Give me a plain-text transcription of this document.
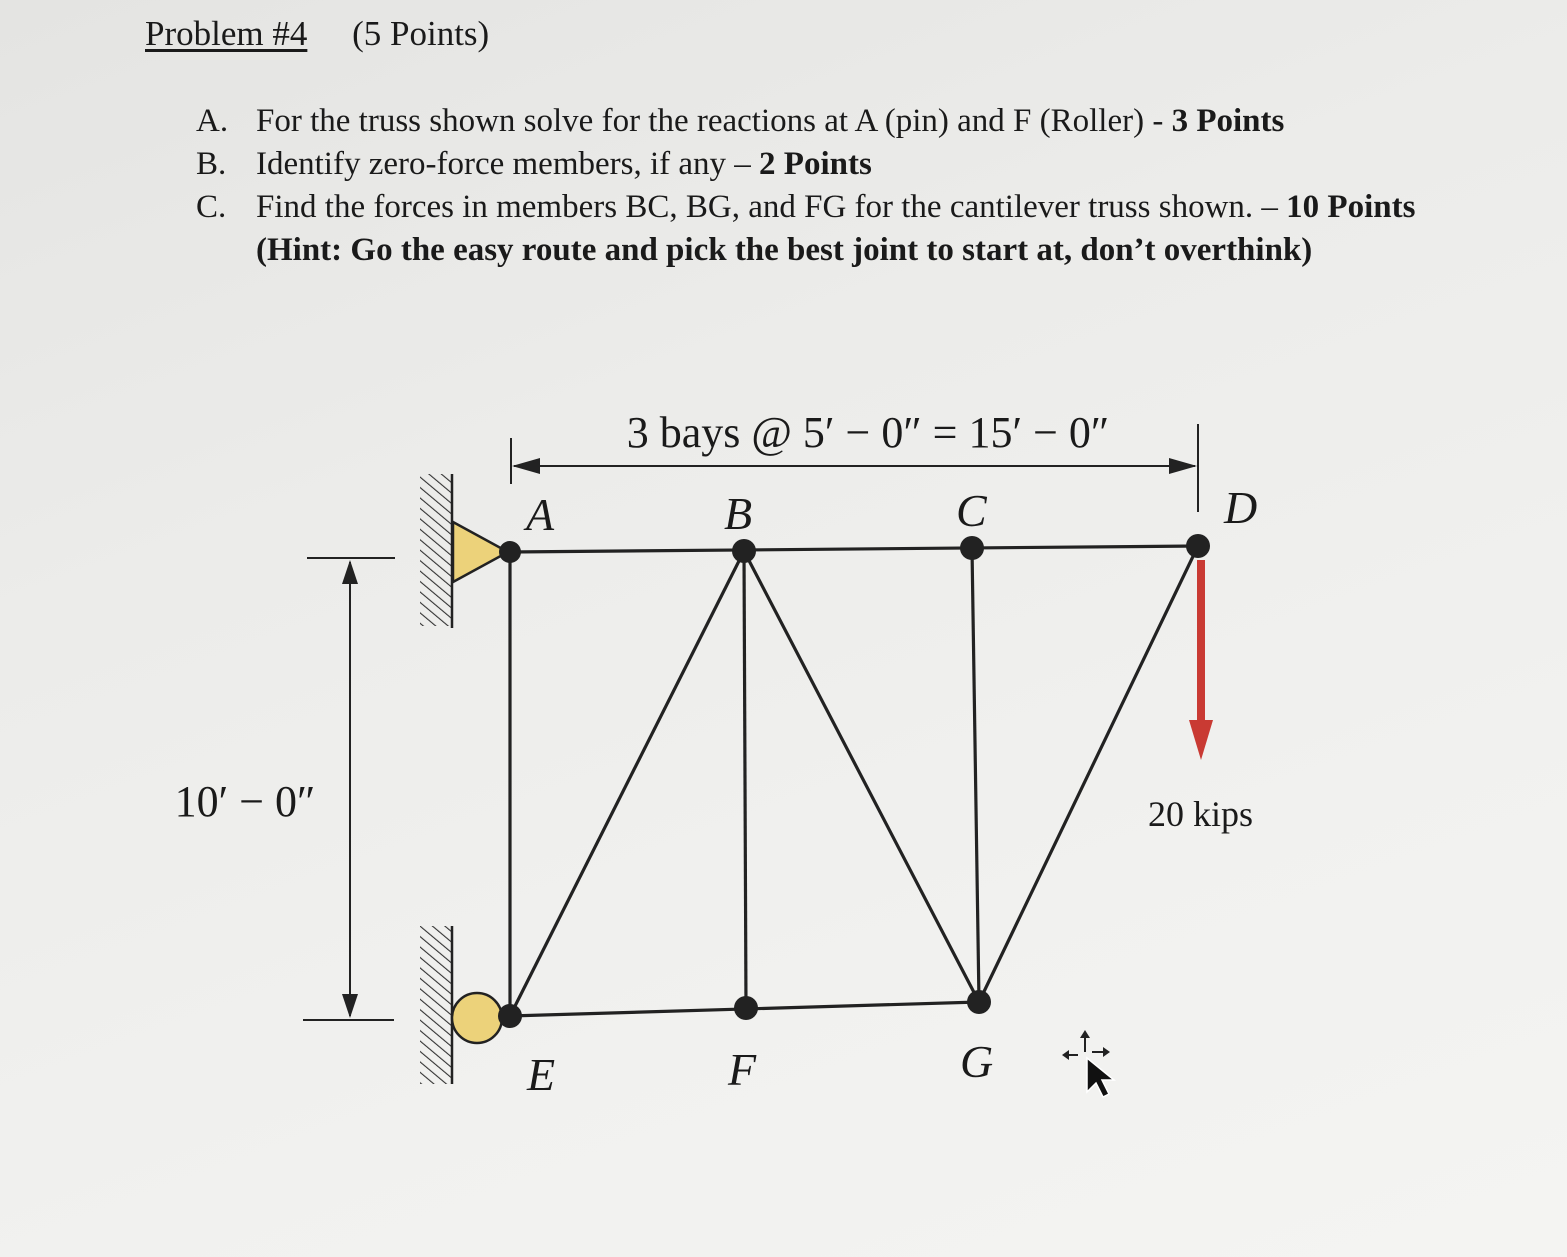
Problem #4 (5 Points)
A. For the truss shown solve for the reactions at A (pin) and F (Roller) - 3 Points
B. Identify zero-force members, if any – 2 Points
C. Find the forces in members BC, BG, and FG for the cantilever truss shown. – 10 Points (Hint: Go the easy route and pick the best joint to start at, don’t overthink)
3 bays @ 5′ − 0″ = 15′ − 0″
10′ − 0″	20 kips
A	B	C	D
E	F	G
